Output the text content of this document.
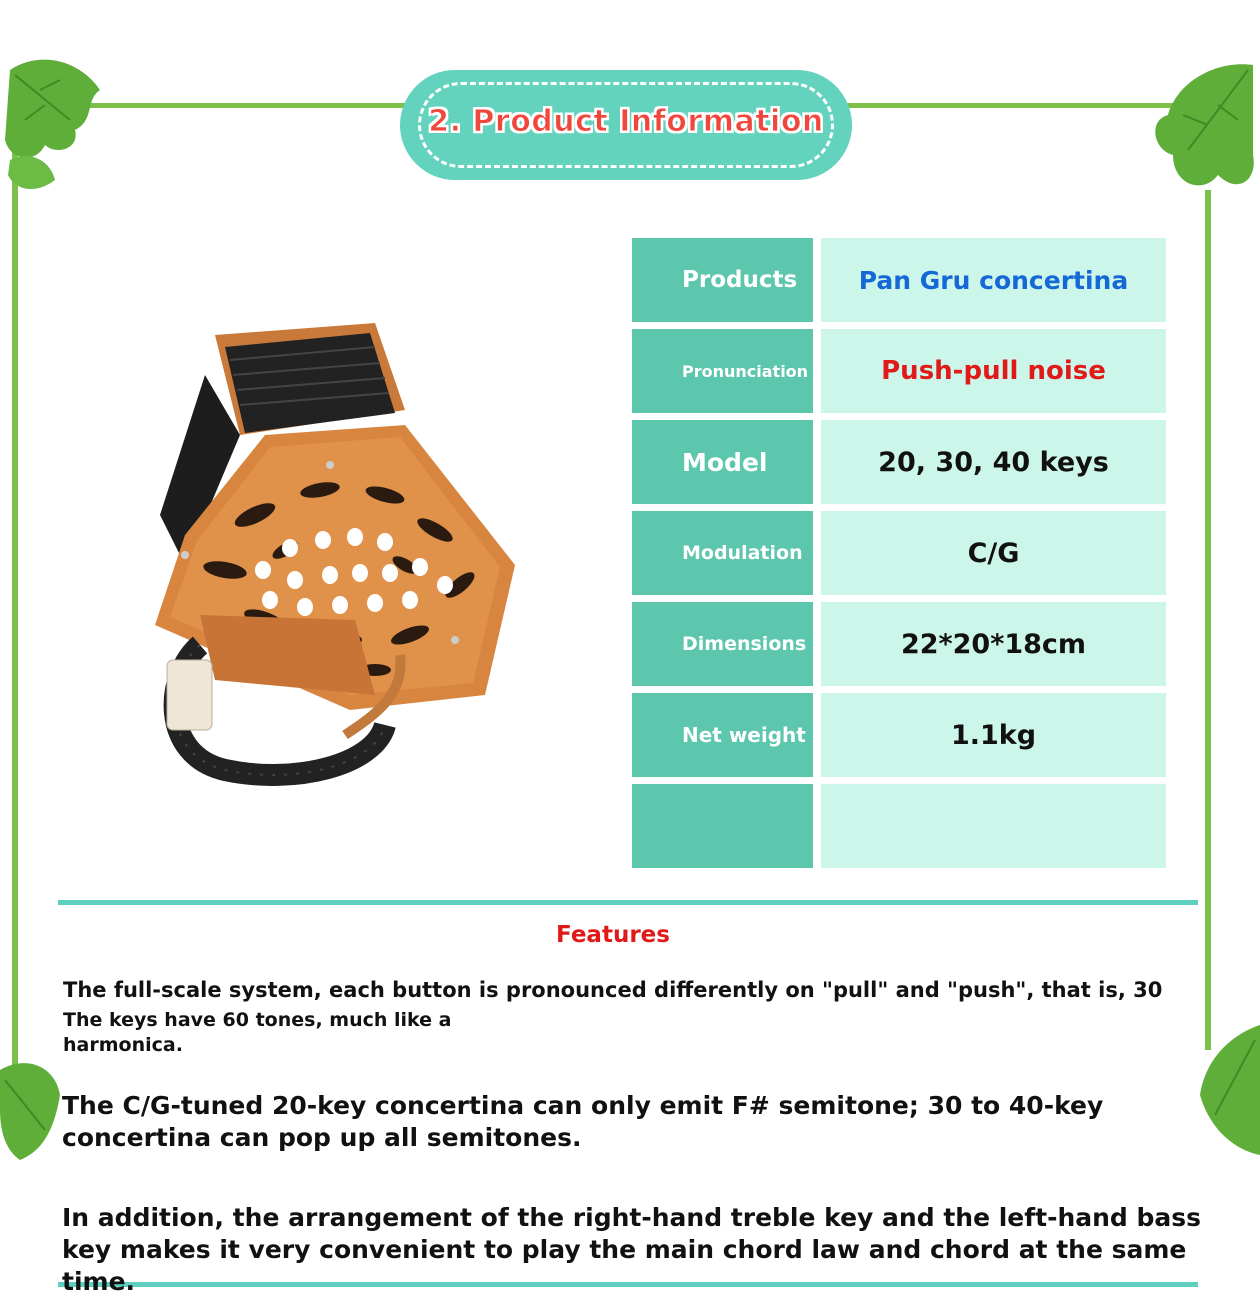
2. Product Information
Products	Pan Gru concertina
Pronunciation	Push-pull noise
Model	20, 30, 40 keys
Modulation	C/G
Dimensions	22*20*18cm
Net weight	1.1kg
Features
The full-scale system, each button is pronounced differently on "pull" and "push", that is, 30
The keys have 60 tones, much like a
harmonica.
The C/G-tuned 20-key concertina can only emit F# semitone; 30 to 40-key concertina can pop up all semitones.
In addition, the arrangement of the right-hand treble key and the left-hand bass key makes it very convenient to play the main chord law and chord at the same time.
